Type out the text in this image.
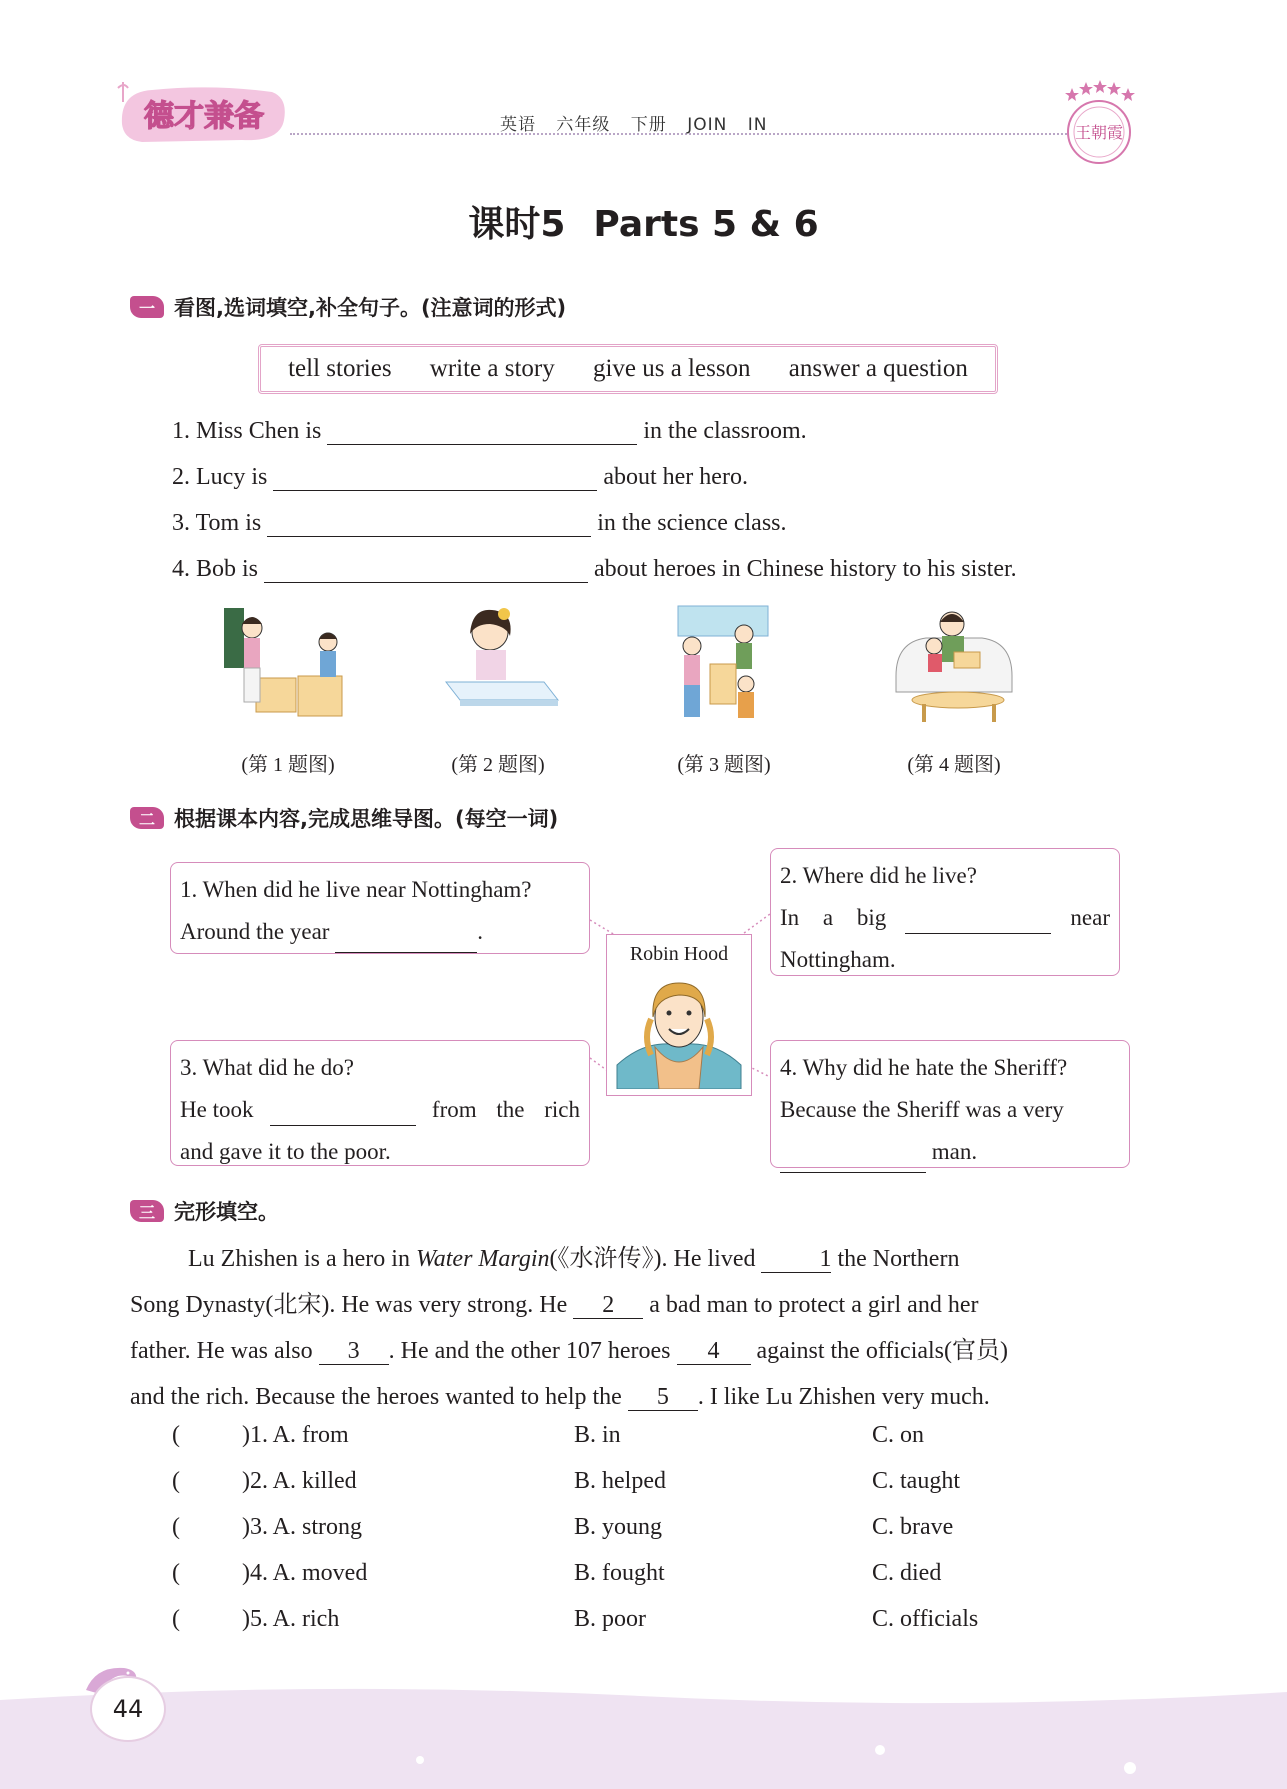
德才兼备	英语 六年级 下册 JOIN IN	王朝霞
课时5 Parts 5 & 6
一 看图,选词填空,补全句子。(注意词的形式)
tell stories write a story give us a lesson answer a question
1. Miss Chen is	in the classroom.
2. Lucy is	about her hero.
3. Tom is	in the science class.
4. Bob is	about heroes in Chinese history to his sister.
(第 1 题图)	(第 2 题图)	(第 3 题图)	(第 4 题图)
二 根据课本内容,完成思维导图。(每空一词)

1. When did he live near Nottingham?

Around the year	.

2. Where did he live?

In a big	near

Nottingham.

Robin Hood

3. What did he do?

He took	from the rich

and gave it to the poor.

4. Why did he hate the Sheriff?

Because the Sheriff was a very

man.

三 完形填空。

Lu Zhishen is a hero in Water Margin(《水浒传》). He lived	1 the Northern

Song Dynasty(北宋). He was very strong. He 2 a bad man to protect a girl and her

father. He was also 3 . He and the other 107 heroes 4 against the officials(官员)

and the rich. Because the heroes wanted to help the 5 . I like Lu Zhishen very much.

(	)1. A. from	B. in	C. on
(	)2. A. killed	B. helped	C. taught
(	)3. A. strong	B. young	C. brave
(	)4. A. moved	B. fought	C. died
(	)5. A. rich	B. poor	C. officials
44
